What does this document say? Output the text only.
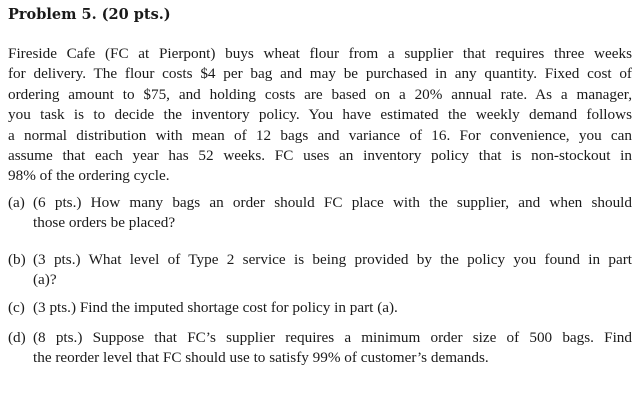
Problem 5. (20 pts.)
Fireside Cafe (FC at Pierpont) buys wheat flour from a supplier that requires three weeks
for delivery. The flour costs $4 per bag and may be purchased in any quantity. Fixed cost of
ordering amount to $75, and holding costs are based on a 20% annual rate. As a manager,
you task is to decide the inventory policy. You have estimated the weekly demand follows
a normal distribution with mean of 12 bags and variance of 16. For convenience, you can
assume that each year has 52 weeks. FC uses an inventory policy that is non-stockout in
98% of the ordering cycle.
(a) (6 pts.) How many bags an order should FC place with the supplier, and when should
those orders be placed?
(b) (3 pts.) What level of Type 2 service is being provided by the policy you found in part
(a)?
(c) (3 pts.) Find the imputed shortage cost for policy in part (a).
(d) (8 pts.) Suppose that FC’s supplier requires a minimum order size of 500 bags. Find
the reorder level that FC should use to satisfy 99% of customer’s demands.
